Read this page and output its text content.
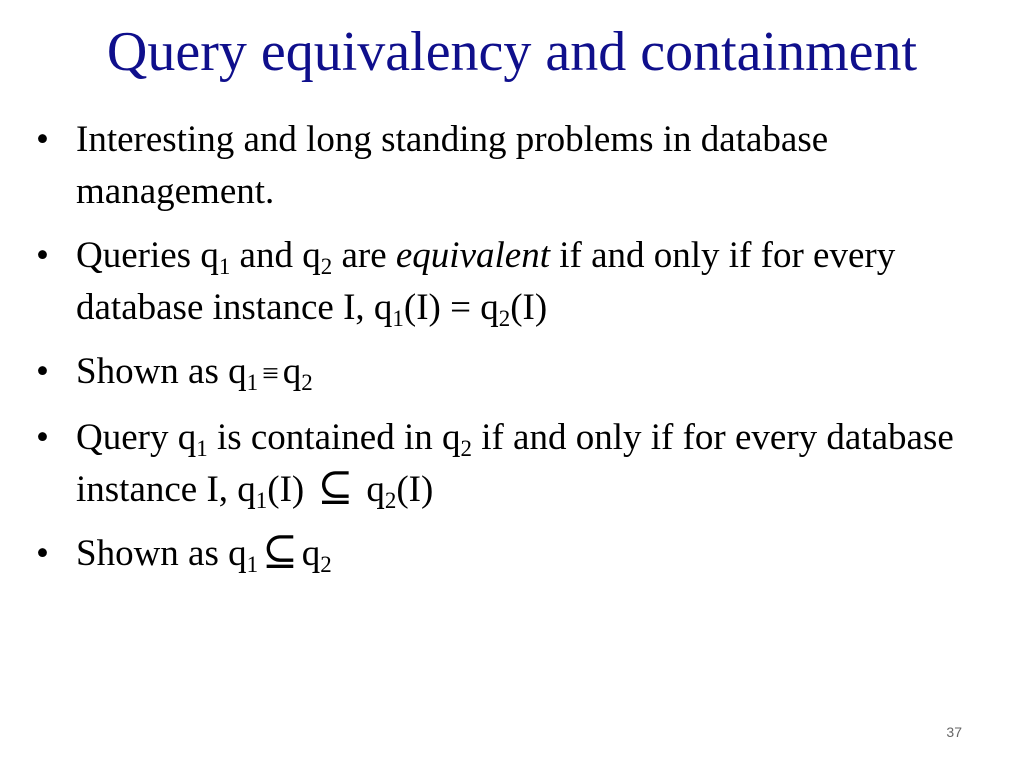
Query equivalency and containment
• Interesting and long standing problems in database management.
• Queries $q_1$ and $q_2$ are equivalent if and only if for every database instance I, $q_1(I) = q_2(I)$
• Shown as $q_1 \equiv q_2$
• Query $q_1$ is contained in $q_2$ if and only if for every database instance I, $q_1(I)$ ⊆ $q_2(I)$
• Shown as $q_1⊆$ $q_2$
37
